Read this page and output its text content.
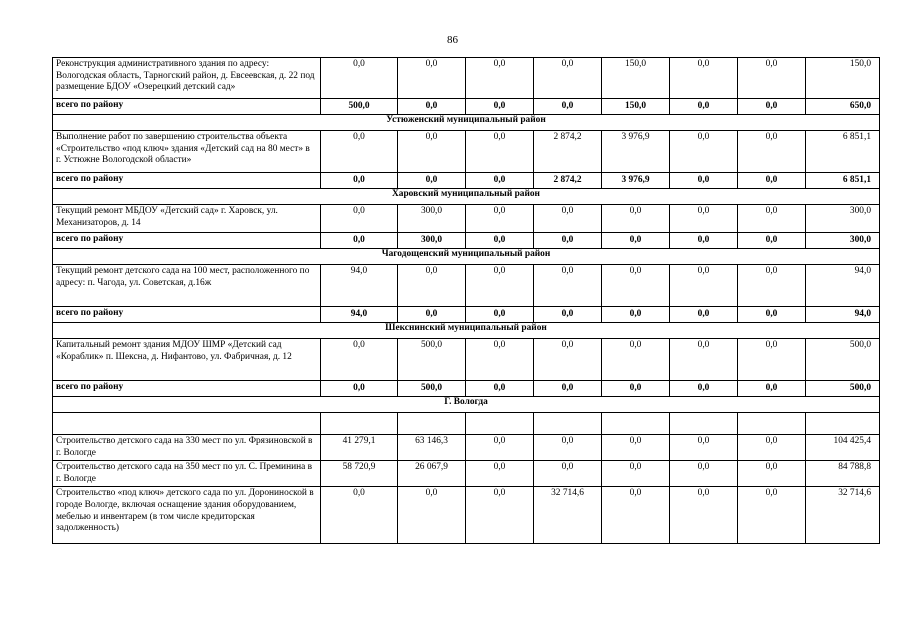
86
Реконструкция административного здания по адресу: Вологодская область, Тарногский район, д. Евсеевская, д. 22 под размещение БДОУ «Озерецкий детский сад»	0,0	0,0	0,0	0,0	150,0	0,0	0,0	150,0
всего по району	500,0	0,0	0,0	0,0	150,0	0,0	0,0	650,0
Устюженский муниципальный район								
Выполнение работ по завершению строительства объекта «Строительство «под ключ» здания «Детский сад на 80 мест» в г. Устюжне Вологодской области»	0,0	0,0	0,0	2 874,2	3 976,9	0,0	0,0	6 851,1
всего по району	0,0	0,0	0,0	2 874,2	3 976,9	0,0	0,0	6 851,1
Харовский муниципальный район								
Текущий ремонт МБДОУ «Детский сад» г. Харовск, ул. Механизаторов, д. 14	0,0	300,0	0,0	0,0	0,0	0,0	0,0	300,0
всего по району	0,0	300,0	0,0	0,0	0,0	0,0	0,0	300,0
Чагодощенский муниципальный район								
Текущий ремонт детского сада на 100 мест, расположенного по адресу: п. Чагода, ул. Советская, д.16ж	94,0	0,0	0,0	0,0	0,0	0,0	0,0	94,0
всего по району	94,0	0,0	0,0	0,0	0,0	0,0	0,0	94,0
Шекснинский муниципальный район								
Капитальный ремонт здания МДОУ ШМР «Детский сад «Кораблик» п. Шексна, д. Нифантово, ул. Фабричная, д. 12	0,0	500,0	0,0	0,0	0,0	0,0	0,0	500,0
всего по району	0,0	500,0	0,0	0,0	0,0	0,0	0,0	500,0
Г. Вологда								

Строительство детского сада на 330 мест по ул. Фрязиновской в г. Вологде	41 279,1	63 146,3	0,0	0,0	0,0	0,0	0,0	104 425,4
Строительство детского сада на 350 мест по ул. С. Преминина в г. Вологде	58 720,9	26 067,9	0,0	0,0	0,0	0,0	0,0	84 788,8
Строительство «под ключ» детского сада по ул. Дорониноской в городе Вологде, включая оснащение здания оборудованием, мебелью и инвентарем (в том числе кредиторская задолженность)	0,0	0,0	0,0	32 714,6	0,0	0,0	0,0	32 714,6
